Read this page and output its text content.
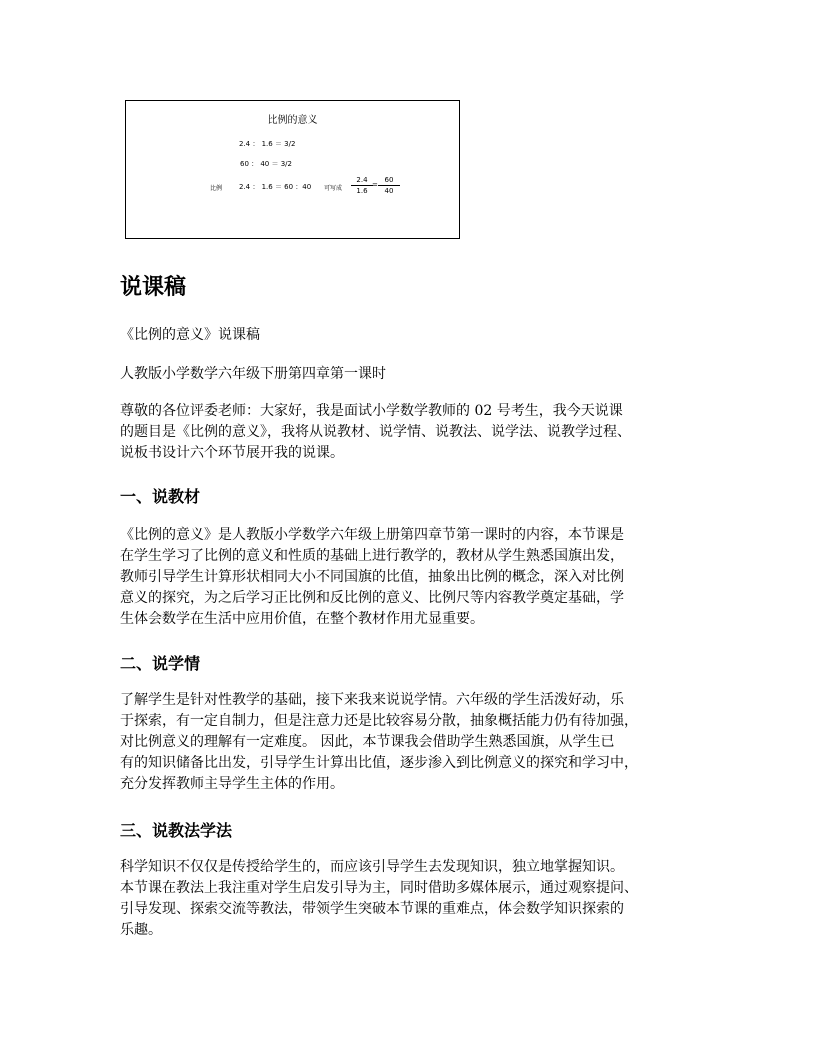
比例的意义
2.4 ： 1.6 ＝ 3/2
60 ： 40 ＝ 3/2
比例 2.4 ： 1.6 ＝ 60 ：40 可写成 $\frac{2.4}{1.6} = \frac{60}{40}$
说课稿

《比例的意义》说课稿

人教版小学数学六年级下册第四章第一课时

尊敬的各位评委老师：大家好，我是面试小学数学教师的 02 号考生，我今天说课
的题目是《比例的意义》，我将从说教材、说学情、说教法、说学法、说教学过程、
说板书设计六个环节展开我的说课。

一、说教材

《比例的意义》是人教版小学数学六年级上册第四章节第一课时的内容，本节课是
在学生学习了比例的意义和性质的基础上进行教学的，教材从学生熟悉国旗出发，
教师引导学生计算形状相同大小不同国旗的比值，抽象出比例的概念，深入对比例
意义的探究，为之后学习正比例和反比例的意义、比例尺等内容教学奠定基础，学
生体会数学在生活中应用价值，在整个教材作用尤显重要。

二、说学情

了解学生是针对性教学的基础，接下来我来说说学情。六年级的学生活泼好动，乐
于探索，有一定自制力，但是注意力还是比较容易分散，抽象概括能力仍有待加强，
对比例意义的理解有一定难度。 因此，本节课我会借助学生熟悉国旗，从学生已
有的知识储备比出发，引导学生计算出比值，逐步渗入到比例意义的探究和学习中，
充分发挥教师主导学生主体的作用。

三、说教法学法

科学知识不仅仅是传授给学生的，而应该引导学生去发现知识，独立地掌握知识。
本节课在教法上我注重对学生启发引导为主，同时借助多媒体展示，通过观察提问、
引导发现、探索交流等教法，带领学生突破本节课的重难点，体会数学知识探索的
乐趣。
